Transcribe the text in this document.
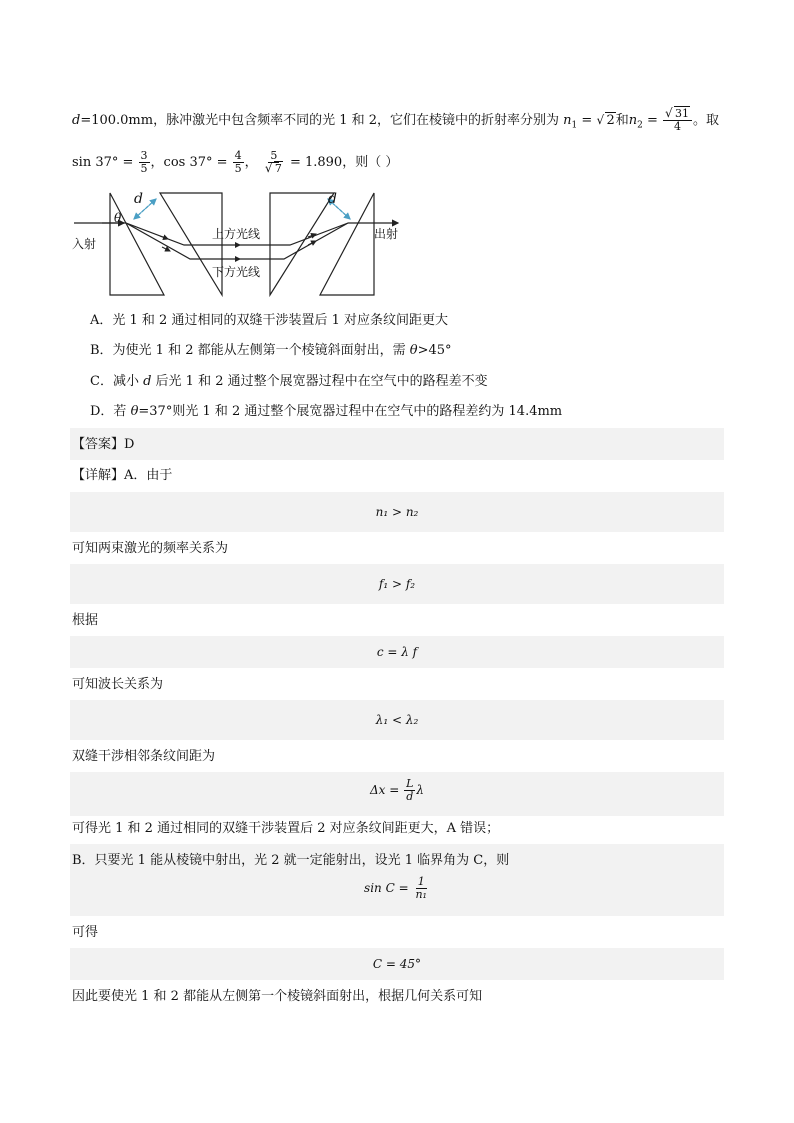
d=100.0mm，脉冲激光中包含频率不同的光 1 和 2，它们在棱镜中的折射率分别为 $n_1$ = √ 2和$n_2$ =
√ $\frac{31}{4}$ 。取
$\sin 37^\circ = \frac{3}{5}$ ，$\cos 37^\circ = \frac{4}{5}$ ， 5
√ 7 = 1.890，则（ ）
d	d
θ
入射
出射
上方光线
下方光线
A．光 1 和 2 通过相同的双缝干涉装置后 1 对应条纹间距更大
B．为使光 1 和 2 都能从左侧第一个棱镜斜面射出，需 θ>45°
C．减小 d 后光 1 和 2 通过整个展宽器过程中在空气中的路程差不变
D．若 θ=37°则光 1 和 2 通过整个展宽器过程中在空气中的路程差约为 14.4mm
【答案】D
【详解】A．由于
n₁ > n₂
可知两束激光的频率关系为
f₁ > f₂
根据
c = λ f
可知波长关系为
λ₁ < λ₂
双缝干涉相邻条纹间距为
$\Delta x = \frac{L}{d}$ λ
可得光 1 和 2 通过相同的双缝干涉装置后 2 对应条纹间距更大，A 错误；
B．只要光 1 能从棱镜中射出，光 2 就一定能射出，设光 1 临界角为 C，则
$\sin C = \frac{1}{\text{n₁}}$
可得
C = 45°
因此要使光 1 和 2 都能从左侧第一个棱镜斜面射出，根据几何关系可知
